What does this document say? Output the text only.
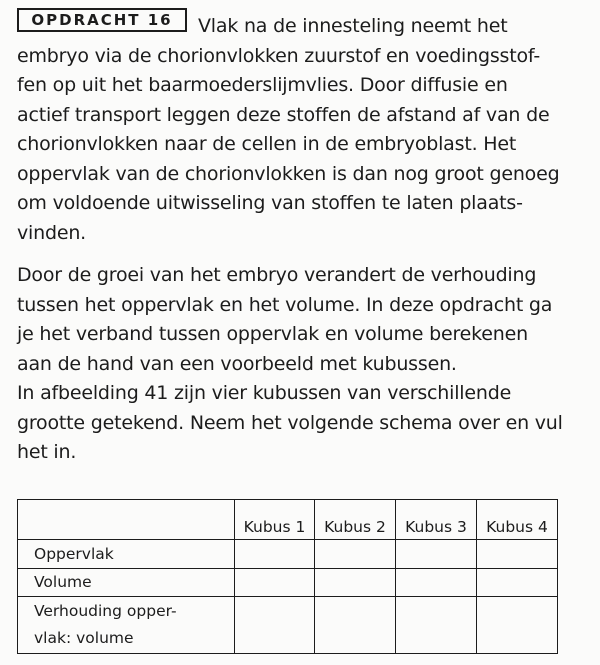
OPDRACHT 16	Vlak na de innesteling neemt het
embryo via de chorionvlokken zuurstof en voedingsstof-
fen op uit het baarmoederslijmvlies. Door diffusie en
actief transport leggen deze stoffen de afstand af van de
chorionvlokken naar de cellen in de embryoblast. Het
oppervlak van de chorionvlokken is dan nog groot genoeg
om voldoende uitwisseling van stoffen te laten plaats-
vinden.
Door de groei van het embryo verandert de verhouding
tussen het oppervlak en het volume. In deze opdracht ga
je het verband tussen oppervlak en volume berekenen
aan de hand van een voorbeeld met kubussen.
In afbeelding 41 zijn vier kubussen van verschillende
grootte getekend. Neem het volgende schema over en vul
het in.
	Kubus 1	Kubus 2	Kubus 3	Kubus 4
Oppervlak				
Volume				
Verhouding opper-
vlak: volume				
